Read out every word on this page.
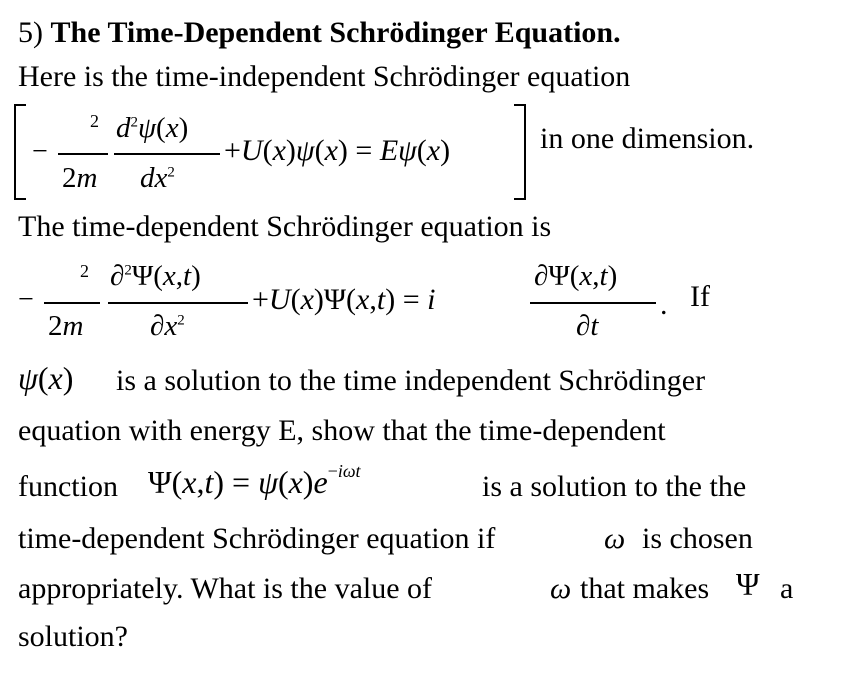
5) The Time-Dependent Schrödinger Equation.
Here is the time-independent Schrödinger equation
−
2
2m
$d^2\psi(x)$
$dx^2$
+U(x)ψ(x) = Eψ(x)	in one dimension.
The time-dependent Schrödinger equation is
−
2
2m
∂$^2$Ψ(x,t)
$\partial x^2$
+U(x)Ψ(x,t) = i
∂Ψ(x,t)
∂t
. If
ψ(x) is a solution to the time independent Schrödinger
equation with energy E, show that the time-dependent
function $\Psi(x,t) = \psi(x)e^{-i\omega t}$	is a solution to the the
time-dependent Schrödinger equation if	ω is chosen
appropriately. What is the value of	ω that makes Ψ a
solution?
